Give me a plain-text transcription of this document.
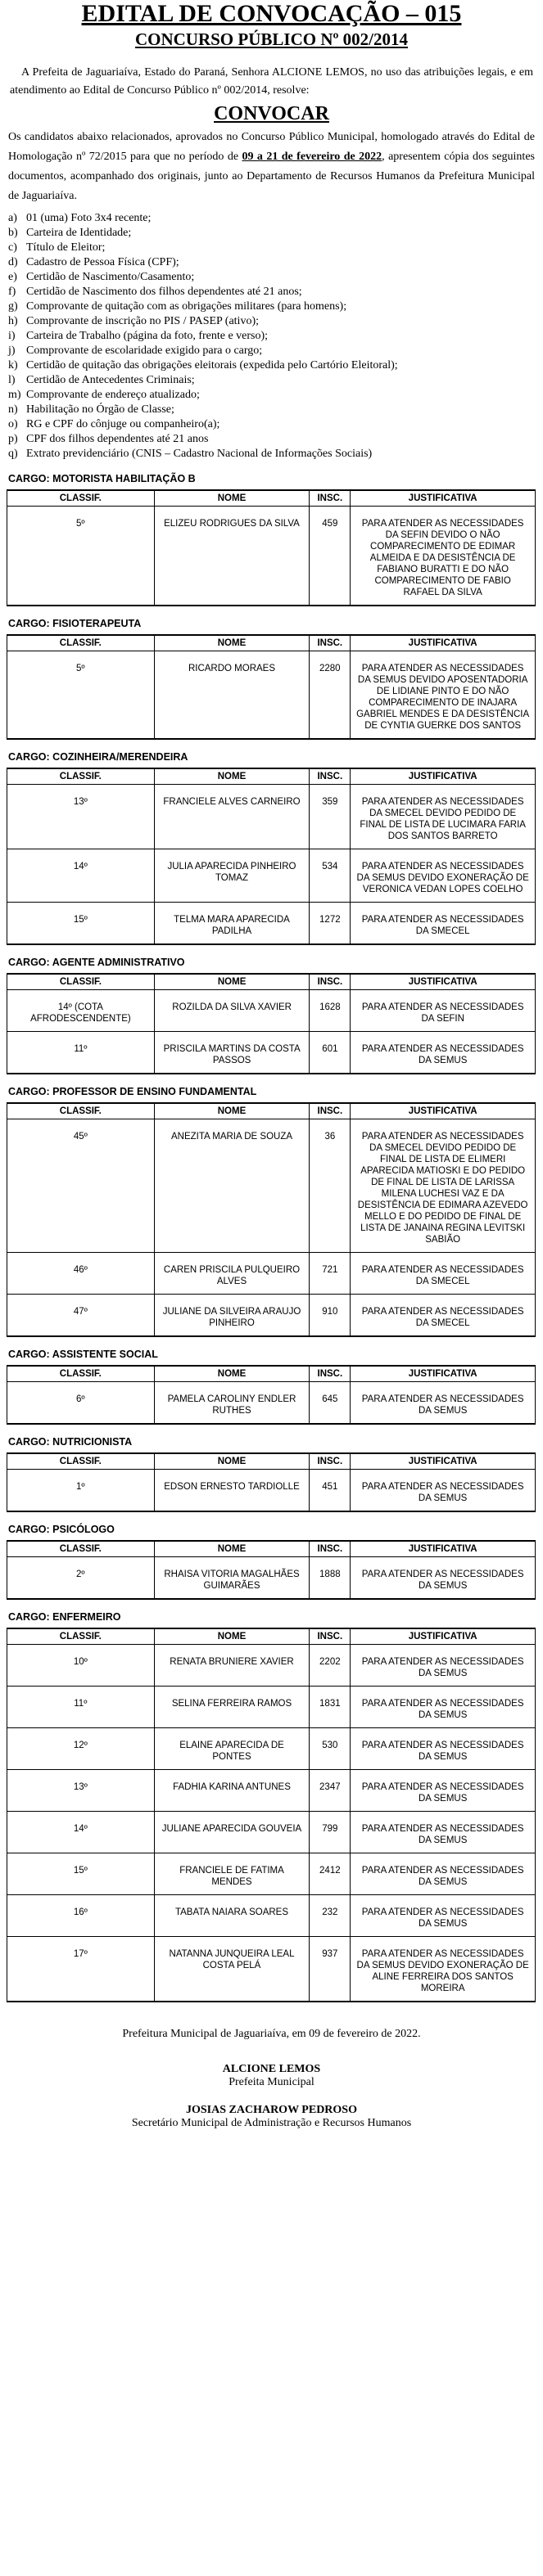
EDITAL DE CONVOCAÇÃO – 015
CONCURSO PÚBLICO Nº 002/2014

A Prefeita de Jaguariaíva, Estado do Paraná, Senhora ALCIONE LEMOS, no uso das atribuições legais, e em atendimento ao Edital de Concurso Público nº 002/2014, resolve:

CONVOCAR

Os candidatos abaixo relacionados, aprovados no Concurso Público Municipal, homologado através do Edital de Homologação nº 72/2015 para que no período de 09 a 21 de fevereiro de 2022, apresentem cópia dos seguintes documentos, acompanhado dos originais, junto ao Departamento de Recursos Humanos da Prefeitura Municipal de Jaguariaíva.

a) 01 (uma) Foto 3x4 recente;
b) Carteira de Identidade;
c) Título de Eleitor;
d) Cadastro de Pessoa Física (CPF);
e) Certidão de Nascimento/Casamento;
f) Certidão de Nascimento dos filhos dependentes até 21 anos;
g) Comprovante de quitação com as obrigações militares (para homens);
h) Comprovante de inscrição no PIS / PASEP (ativo);
i) Carteira de Trabalho (página da foto, frente e verso);
j) Comprovante de escolaridade exigido para o cargo;
k) Certidão de quitação das obrigações eleitorais (expedida pelo Cartório Eleitoral);
l) Certidão de Antecedentes Criminais;
m) Comprovante de endereço atualizado;
n) Habilitação no Órgão de Classe;
o) RG e CPF do cônjuge ou companheiro(a);
p) CPF dos filhos dependentes até 21 anos
q) Extrato previdenciário (CNIS – Cadastro Nacional de Informações Sociais)
CARGO: MOTORISTA HABILITAÇÃO B
CLASSIF.	NOME	INSC.	JUSTIFICATIVA
5º	ELIZEU RODRIGUES DA SILVA	459	PARA ATENDER AS NECESSIDADES DA SEFIN DEVIDO O NÃO COMPARECIMENTO DE EDIMAR ALMEIDA E DA DESISTÊNCIA DE FABIANO BURATTI E DO NÃO COMPARECIMENTO DE FABIO RAFAEL DA SILVA
CARGO: FISIOTERAPEUTA
CLASSIF.	NOME	INSC.	JUSTIFICATIVA
5º	RICARDO MORAES	2280	PARA ATENDER AS NECESSIDADES DA SEMUS DEVIDO APOSENTADORIA DE LIDIANE PINTO E DO NÃO COMPARECIMENTO DE INAJARA GABRIEL MENDES E DA DESISTÊNCIA DE CYNTIA GUERKE DOS SANTOS
CARGO: COZINHEIRA/MERENDEIRA
CLASSIF.	NOME	INSC.	JUSTIFICATIVA
13º	FRANCIELE ALVES CARNEIRO	359	PARA ATENDER AS NECESSIDADES DA SMECEL DEVIDO PEDIDO DE FINAL DE LISTA DE LUCIMARA FARIA DOS SANTOS BARRETO
14º	JULIA APARECIDA PINHEIRO TOMAZ	534	PARA ATENDER AS NECESSIDADES DA SEMUS DEVIDO EXONERAÇÃO DE VERONICA VEDAN LOPES COELHO
15º	TELMA MARA APARECIDA PADILHA	1272	PARA ATENDER AS NECESSIDADES DA SMECEL
CARGO: AGENTE ADMINISTRATIVO
CLASSIF.	NOME	INSC.	JUSTIFICATIVA
14º (COTA AFRODESCENDENTE)	ROZILDA DA SILVA XAVIER	1628	PARA ATENDER AS NECESSIDADES DA SEFIN
11º	PRISCILA MARTINS DA COSTA PASSOS	601	PARA ATENDER AS NECESSIDADES DA SEMUS
CARGO: PROFESSOR DE ENSINO FUNDAMENTAL
CLASSIF.	NOME	INSC.	JUSTIFICATIVA
45º	ANEZITA MARIA DE SOUZA	36	PARA ATENDER AS NECESSIDADES DA SMECEL DEVIDO PEDIDO DE FINAL DE LISTA DE ELIMERI APARECIDA MATIOSKI E DO PEDIDO DE FINAL DE LISTA DE LARISSA MILENA LUCHESI VAZ E DA DESISTÊNCIA DE EDIMARA AZEVEDO MELLO E DO PEDIDO DE FINAL DE LISTA DE JANAINA REGINA LEVITSKI SABIÃO
46º	CAREN PRISCILA PULQUEIRO ALVES	721	PARA ATENDER AS NECESSIDADES DA SMECEL
47º	JULIANE DA SILVEIRA ARAUJO PINHEIRO	910	PARA ATENDER AS NECESSIDADES DA SMECEL
CARGO: ASSISTENTE SOCIAL
CLASSIF.	NOME	INSC.	JUSTIFICATIVA
6º	PAMELA CAROLINY ENDLER RUTHES	645	PARA ATENDER AS NECESSIDADES DA SEMUS
CARGO: NUTRICIONISTA
CLASSIF.	NOME	INSC.	JUSTIFICATIVA
1º	EDSON ERNESTO TARDIOLLE	451	PARA ATENDER AS NECESSIDADES DA SEMUS
CARGO: PSICÓLOGO
CLASSIF.	NOME	INSC.	JUSTIFICATIVA
2º	RHAISA VITORIA MAGALHÃES GUIMARÃES	1888	PARA ATENDER AS NECESSIDADES DA SEMUS
CARGO: ENFERMEIRO
CLASSIF.	NOME	INSC.	JUSTIFICATIVA
10º	RENATA BRUNIERE XAVIER	2202	PARA ATENDER AS NECESSIDADES DA SEMUS
11º	SELINA FERREIRA RAMOS	1831	PARA ATENDER AS NECESSIDADES DA SEMUS
12º	ELAINE APARECIDA DE PONTES	530	PARA ATENDER AS NECESSIDADES DA SEMUS
13º	FADHIA KARINA ANTUNES	2347	PARA ATENDER AS NECESSIDADES DA SEMUS
14º	JULIANE APARECIDA GOUVEIA	799	PARA ATENDER AS NECESSIDADES DA SEMUS
15º	FRANCIELE DE FATIMA MENDES	2412	PARA ATENDER AS NECESSIDADES DA SEMUS
16º	TABATA NAIARA SOARES	232	PARA ATENDER AS NECESSIDADES DA SEMUS
17º	NATANNA JUNQUEIRA LEAL COSTA PELÁ	937	PARA ATENDER AS NECESSIDADES DA SEMUS DEVIDO EXONERAÇÃO DE ALINE FERREIRA DOS SANTOS MOREIRA
Prefeitura Municipal de Jaguariaíva, em 09 de fevereiro de 2022.
ALCIONE LEMOS
Prefeita Municipal
JOSIAS ZACHAROW PEDROSO
Secretário Municipal de Administração e Recursos Humanos
